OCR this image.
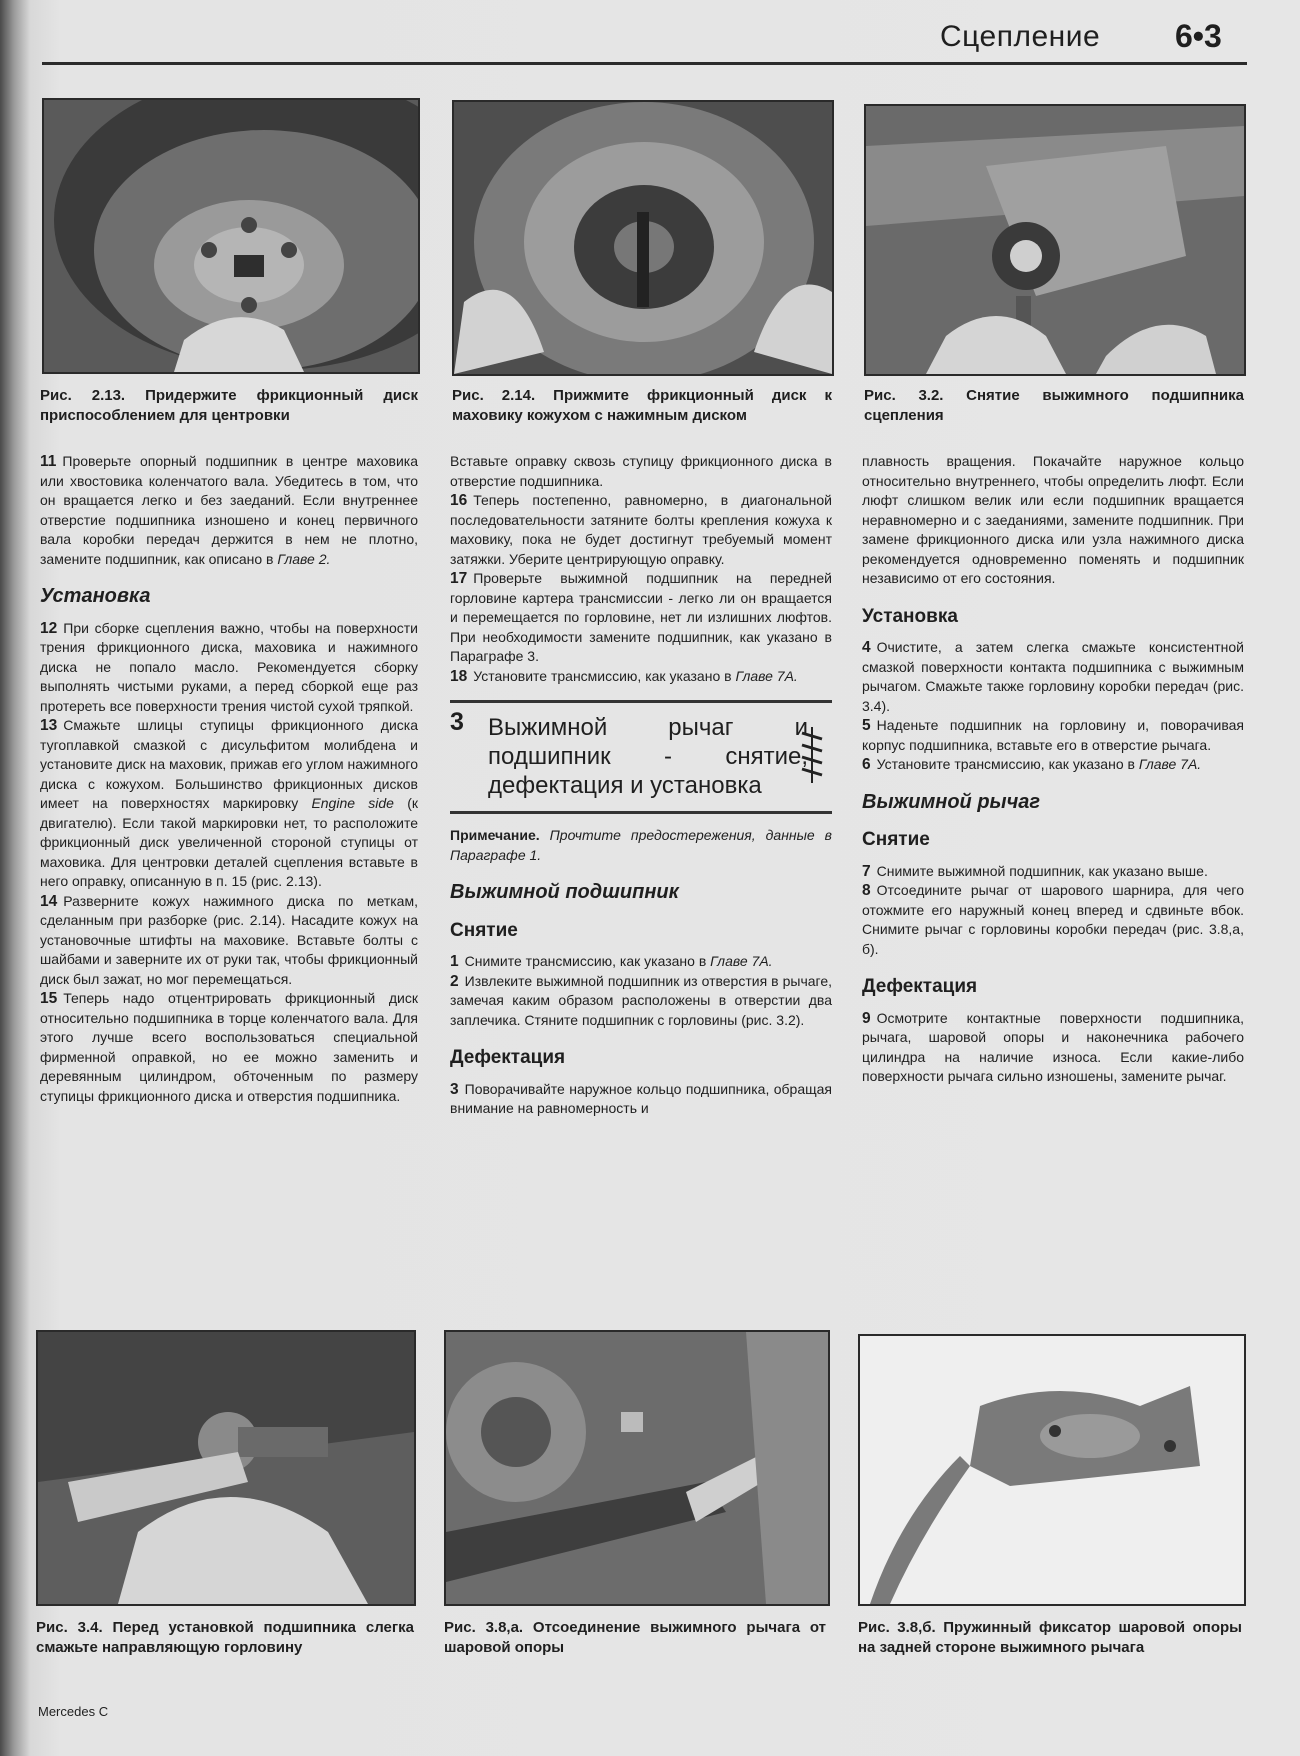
Сцепление 6•3
Рис. 2.13. Придержите фрикционный диск приспособлением для центровки
Рис. 2.14. Прижмите фрикционный диск к маховику кожухом с нажимным диском
Рис. 3.2. Снятие выжимного подшипника сцепления

11 Проверьте опорный подшипник в центре маховика или хвостовика коленчатого вала. Убедитесь в том, что он вращается легко и без заеданий. Если внутреннее отверстие подшипника изношено и конец первичного вала коробки передач держится в нем не плотно, замените подшипник, как описано в Главе 2.

Установка

12 При сборке сцепления важно, чтобы на поверхности трения фрикционного диска, маховика и нажимного диска не попало масло. Рекомендуется сборку выполнять чистыми руками, а перед сборкой еще раз протереть все поверхности трения чистой сухой тряпкой.

13 Смажьте шлицы ступицы фрикционного диска тугоплавкой смазкой с дисульфитом молибдена и установите диск на маховик, прижав его углом нажимного диска с кожухом. Большинство фрикционных дисков имеет на поверхностях маркировку Engine side (к двигателю). Если такой маркировки нет, то расположите фрикционный диск увеличенной стороной ступицы от маховика. Для центровки деталей сцепления вставьте в него оправку, описанную в п. 15 (рис. 2.13).

14 Разверните кожух нажимного диска по меткам, сделанным при разборке (рис. 2.14). Насадите кожух на установочные штифты на маховике. Вставьте болты с шайбами и заверните их от руки так, чтобы фрикционный диск был зажат, но мог перемещаться.

15 Теперь надо отцентрировать фрикционный диск относительно подшипника в торце коленчатого вала. Для этого лучше всего воспользоваться специальной фирменной оправкой, но ее можно заменить и деревянным цилиндром, обточенным по размеру ступицы фрикционного диска и отверстия подшипника.

Вставьте оправку сквозь ступицу фрикционного диска в отверстие подшипника.

16 Теперь постепенно, равномерно, в диагональной последовательности затяните болты крепления кожуха к маховику, пока не будет достигнут требуемый момент затяжки. Уберите центрирующую оправку.

17 Проверьте выжимной подшипник на передней горловине картера трансмиссии - легко ли он вращается и перемещается по горловине, нет ли излишних люфтов. При необходимости замените подшипник, как указано в Параграфе 3.

18 Установите трансмиссию, как указано в Главе 7А.

3 Выжимной рычаг и подшипник - снятие, дефектация и установка

Примечание. Прочтите предостережения, данные в Параграфе 1.

Выжимной подшипник
Снятие

1 Снимите трансмиссию, как указано в Главе 7А.

2 Извлеките выжимной подшипник из отверстия в рычаге, замечая каким образом расположены в отверстии два заплечика. Стяните подшипник с горловины (рис. 3.2).

Дефектация

3 Поворачивайте наружное кольцо подшипника, обращая внимание на равномерность и

плавность вращения. Покачайте наружное кольцо относительно внутреннего, чтобы определить люфт. Если люфт слишком велик или если подшипник вращается неравномерно и с заеданиями, замените подшипник. При замене фрикционного диска или узла нажимного диска рекомендуется одновременно поменять и подшипник независимо от его состояния.

Установка

4 Очистите, а затем слегка смажьте консистентной смазкой поверхности контакта подшипника с выжимным рычагом. Смажьте также горловину коробки передач (рис. 3.4).

5 Наденьте подшипник на горловину и, поворачивая корпус подшипника, вставьте его в отверстие рычага.

6 Установите трансмиссию, как указано в Главе 7А.

Выжимной рычаг
Снятие

7 Снимите выжимной подшипник, как указано выше.

8 Отсоедините рычаг от шарового шарнира, для чего отожмите его наружный конец вперед и сдвиньте вбок. Снимите рычаг с горловины коробки передач (рис. 3.8,а, б).

Дефектация

9 Осмотрите контактные поверхности подшипника, рычага, шаровой опоры и наконечника рабочего цилиндра на наличие износа. Если какие-либо поверхности рычага сильно изношены, замените рычаг.

Рис. 3.4. Перед установкой подшипника слегка смажьте направляющую горловину
Рис. 3.8,а. Отсоединение выжимного рычага от шаровой опоры
Рис. 3.8,б. Пружинный фиксатор шаровой опоры на задней стороне выжимного рычага
Mercedes C
